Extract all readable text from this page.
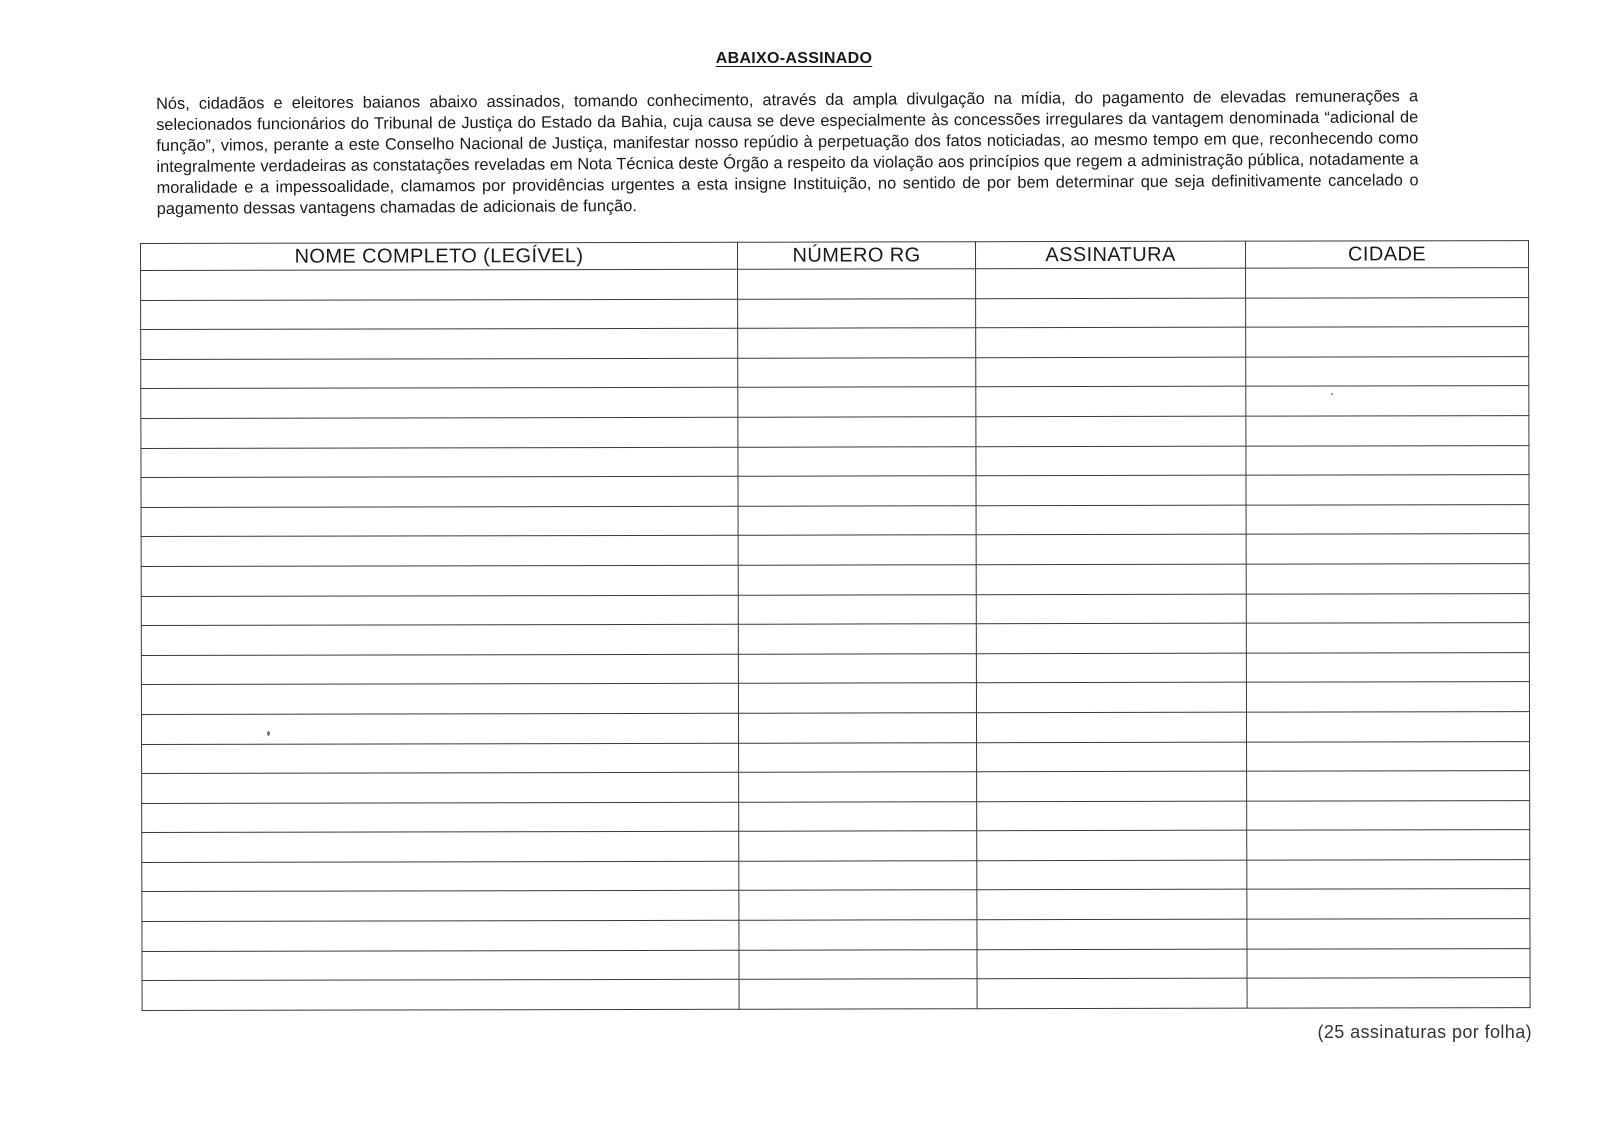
ABAIXO-ASSINADO

Nós, cidadãos e eleitores baianos abaixo assinados, tomando conhecimento, através da ampla divulgação na mídia, do pagamento de elevadas remunerações a selecionados funcionários do Tribunal de Justiça do Estado da Bahia, cuja causa se deve especialmente às concessões irregulares da vantagem denominada “adicional de função”, vimos, perante a este Conselho Nacional de Justiça, manifestar nosso repúdio à perpetuação dos fatos noticiadas, ao mesmo tempo em que, reconhecendo como integralmente verdadeiras as constatações reveladas em Nota Técnica deste Órgão a respeito da violação aos princípios que regem a administração pública, notadamente a moralidade e a impessoalidade, clamamos por providências urgentes a esta insigne Instituição, no sentido de por bem determinar que seja definitivamente cancelado o pagamento dessas vantagens chamadas de adicionais de função.

NOME COMPLETO (LEGÍVEL)	NÚMERO RG	ASSINATURA	CIDADE

(25 assinaturas por folha)
